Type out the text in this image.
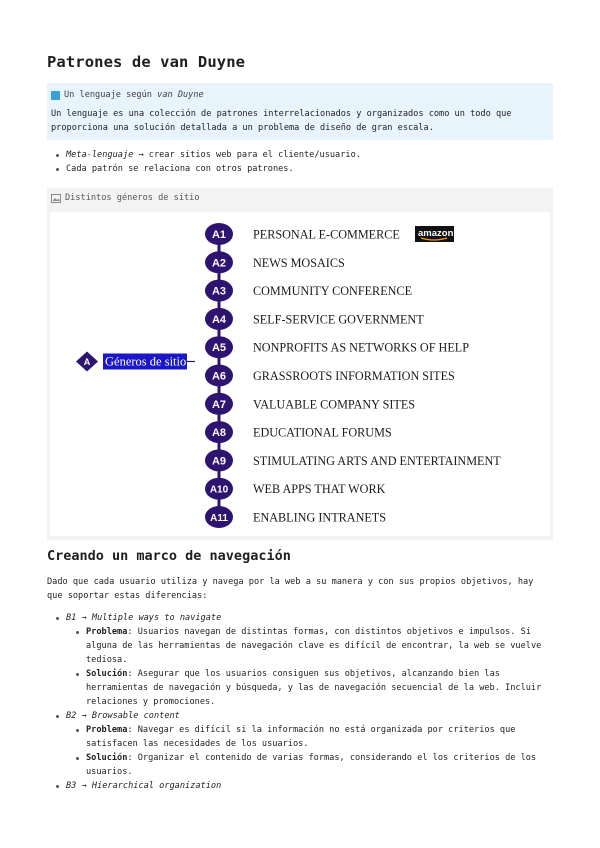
Patrones de van Duyne
Un lenguaje según van Duyne
Un lenguaje es una colección de patrones interrelacionados y organizados como un todo que proporciona una solución detallada a un problema de diseño de gran escala.
Meta-lenguaje → crear sitios web para el cliente/usuario.
Cada patrón se relaciona con otros patrones.
Distintos géneros de sitio
A Géneros de sitio
A1 PERSONAL E-COMMERCE
A2 NEWS MOSAICS
A3 COMMUNITY CONFERENCE
A4 SELF-SERVICE GOVERNMENT
A5 NONPROFITS AS NETWORKS OF HELP
A6 GRASSROOTS INFORMATION SITES
A7 VALUABLE COMPANY SITES
A8 EDUCATIONAL FORUMS
A9 STIMULATING ARTS AND ENTERTAINMENT
A10 WEB APPS THAT WORK
A11 ENABLING INTRANETS
amazon
Creando un marco de navegación

Dado que cada usuario utiliza y navega por la web a su manera y con sus propios objetivos, hay que soportar estas diferencias:

B1 → Multiple ways to navigate
Problema: Usuarios navegan de distintas formas, con distintos objetivos e impulsos. Si alguna de las herramientas de navegación clave es difícil de encontrar, la web se vuelve tediosa.
Solución: Asegurar que los usuarios consiguen sus objetivos, alcanzando bien las herramientas de navegación y búsqueda, y las de navegación secuencial de la web. Incluir relaciones y promociones.
B2 → Browsable content
Problema: Navegar es difícil si la información no está organizada por criterios que satisfacen las necesidades de los usuarios.
Solución: Organizar el contenido de varias formas, considerando el los criterios de los usuarios.
B3 → Hierarchical organization
